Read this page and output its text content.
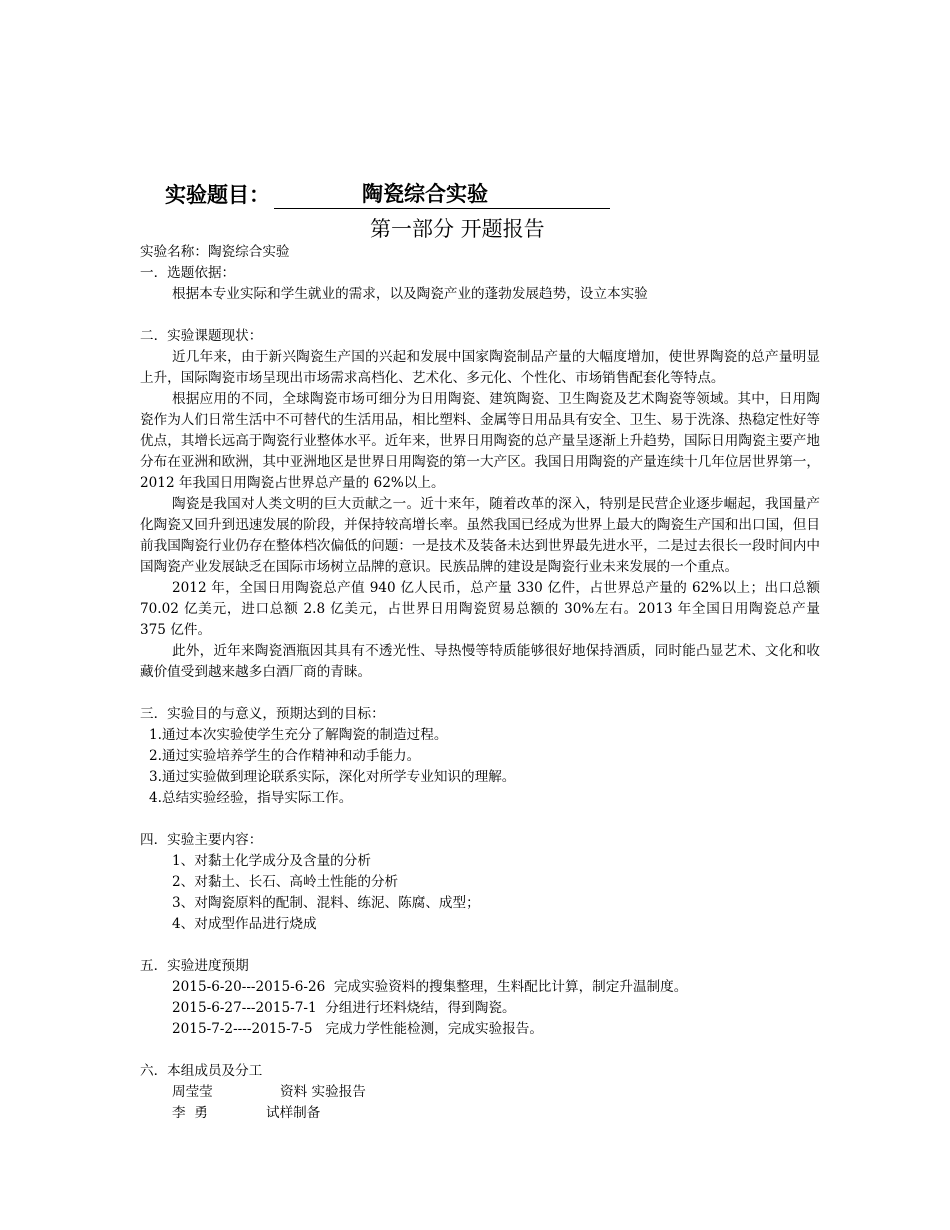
实验题目：	陶瓷综合实验
第一部分 开题报告
实验名称：陶瓷综合实验
一．选题依据：
根据本专业实际和学生就业的需求，以及陶瓷产业的蓬勃发展趋势，设立本实验
二．实验课题现状：

近几年来，由于新兴陶瓷生产国的兴起和发展中国家陶瓷制品产量的大幅度增加，使世界陶瓷的总产量明显上升，国际陶瓷市场呈现出市场需求高档化、艺术化、多元化、个性化、市场销售配套化等特点。

根据应用的不同，全球陶瓷市场可细分为日用陶瓷、建筑陶瓷、卫生陶瓷及艺术陶瓷等领域。其中，日用陶瓷作为人们日常生活中不可替代的生活用品，相比塑料、金属等日用品具有安全、卫生、易于洗涤、热稳定性好等优点，其增长远高于陶瓷行业整体水平。近年来，世界日用陶瓷的总产量呈逐渐上升趋势，国际日用陶瓷主要产地分布在亚洲和欧洲，其中亚洲地区是世界日用陶瓷的第一大产区。我国日用陶瓷的产量连续十几年位居世界第一，2012 年我国日用陶瓷占世界总产量的 62%以上。

陶瓷是我国对人类文明的巨大贡献之一。近十来年，随着改革的深入，特别是民营企业逐步崛起，我国量产化陶瓷又回升到迅速发展的阶段，并保持较高增长率。虽然我国已经成为世界上最大的陶瓷生产国和出口国，但目前我国陶瓷行业仍存在整体档次偏低的问题：一是技术及装备未达到世界最先进水平，二是过去很长一段时间内中国陶瓷产业发展缺乏在国际市场树立品牌的意识。民族品牌的建设是陶瓷行业未来发展的一个重点。

2012 年，全国日用陶瓷总产值 940 亿人民币，总产量 330 亿件，占世界总产量的 62%以上；出口总额 70.02 亿美元，进口总额 2.8 亿美元，占世界日用陶瓷贸易总额的 30%左右。2013 年全国日用陶瓷总产量 375 亿件。

此外，近年来陶瓷酒瓶因其具有不透光性、导热慢等特质能够很好地保持酒质，同时能凸显艺术、文化和收藏价值受到越来越多白酒厂商的青睐。

三．实验目的与意义，预期达到的目标：
1.通过本次实验使学生充分了解陶瓷的制造过程。
2.通过实验培养学生的合作精神和动手能力。
3.通过实验做到理论联系实际，深化对所学专业知识的理解。
4.总结实验经验，指导实际工作。
四．实验主要内容：
1、对黏土化学成分及含量的分析
2、对黏土、长石、高岭土性能的分析
3、对陶瓷原料的配制、混料、练泥、陈腐、成型；
4、对成型作品进行烧成
五．实验进度预期
2015-6-20---2015-6-26 完成实验资料的搜集整理，生料配比计算，制定升温制度。
2015-6-27---2015-7-1 分组进行坯料烧结，得到陶瓷。
2015-7-2----2015-7-5 完成力学性能检测，完成实验报告。
六．本组成员及分工
周莹莹	资料 实验报告
李  勇	试样制备
